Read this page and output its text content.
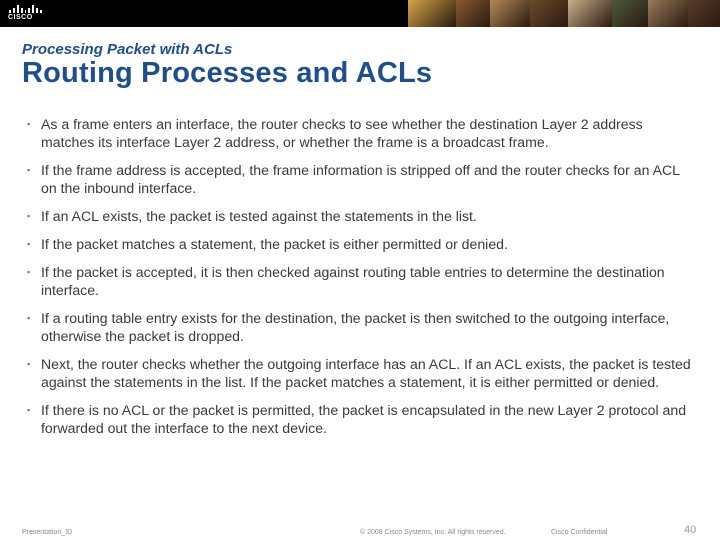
CISCO
Processing Packet with ACLs
Routing Processes and ACLs
▪ As a frame enters an interface, the router checks to see whether the destination Layer 2 address matches its interface Layer 2 address, or whether the frame is a broadcast frame.
▪ If the frame address is accepted, the frame information is stripped off and the router checks for an ACL on the inbound interface.
▪ If an ACL exists, the packet is tested against the statements in the list.
▪ If the packet matches a statement, the packet is either permitted or denied.
▪ If the packet is accepted, it is then checked against routing table entries to determine the destination interface.
▪ If a routing table entry exists for the destination, the packet is then switched to the outgoing interface, otherwise the packet is dropped.
▪ Next, the router checks whether the outgoing interface has an ACL. If an ACL exists, the packet is tested against the statements in the list. If the packet matches a statement, it is either permitted or denied.
▪ If there is no ACL or the packet is permitted, the packet is encapsulated in the new Layer 2 protocol and forwarded out the interface to the next device.
Presentation_ID	© 2008 Cisco Systems, Inc. All rights reserved.	Cisco Confidential	40
